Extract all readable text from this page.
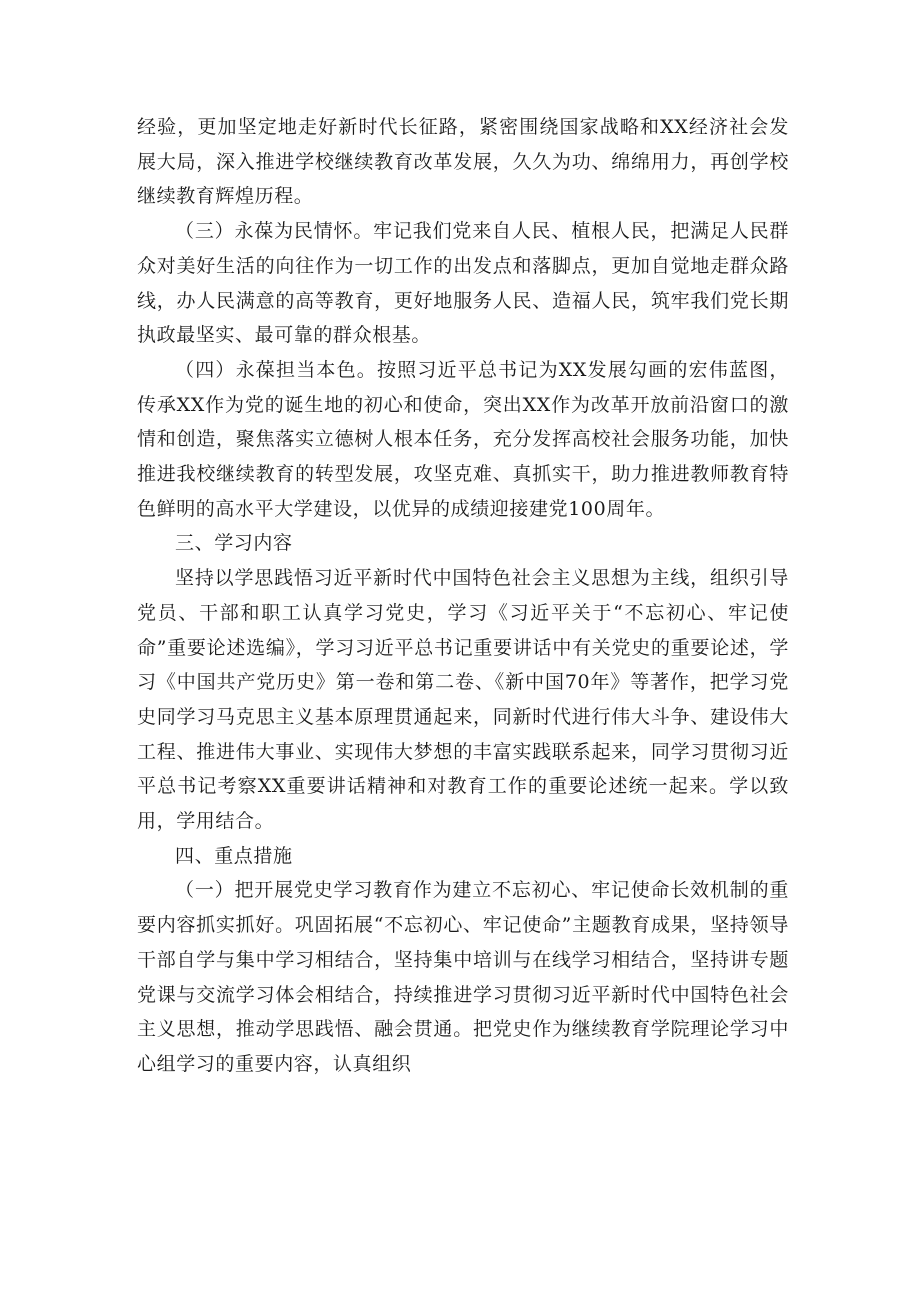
经验，更加坚定地走好新时代长征路，紧密围绕国家战略和XX经济社会发展大局，深入推进学校继续教育改革发展，久久为功、绵绵用力，再创学校继续教育辉煌历程。

（三）永葆为民情怀。牢记我们党来自人民、植根人民，把满足人民群众对美好生活的向往作为一切工作的出发点和落脚点，更加自觉地走群众路线，办人民满意的高等教育，更好地服务人民、造福人民，筑牢我们党长期执政最坚实、最可靠的群众根基。

（四）永葆担当本色。按照习近平总书记为XX发展勾画的宏伟蓝图，传承XX作为党的诞生地的初心和使命，突出XX作为改革开放前沿窗口的激情和创造，聚焦落实立德树人根本任务，充分发挥高校社会服务功能，加快推进我校继续教育的转型发展，攻坚克难、真抓实干，助力推进教师教育特色鲜明的高水平大学建设，以优异的成绩迎接建党100周年。

三、学习内容

坚持以学思践悟习近平新时代中国特色社会主义思想为主线，组织引导党员、干部和职工认真学习党史，学习《习近平关于“不忘初心、牢记使命”重要论述选编》，学习习近平总书记重要讲话中有关党史的重要论述，学习《中国共产党历史》第一卷和第二卷、《新中国70年》等著作，把学习党史同学习马克思主义基本原理贯通起来，同新时代进行伟大斗争、建设伟大工程、推进伟大事业、实现伟大梦想的丰富实践联系起来，同学习贯彻习近平总书记考察XX重要讲话精神和对教育工作的重要论述统一起来。学以致用，学用结合。

四、重点措施

（一）把开展党史学习教育作为建立不忘初心、牢记使命长效机制的重要内容抓实抓好。巩固拓展“不忘初心、牢记使命”主题教育成果，坚持领导干部自学与集中学习相结合，坚持集中培训与在线学习相结合，坚持讲专题党课与交流学习体会相结合，持续推进学习贯彻习近平新时代中国特色社会主义思想，推动学思践悟、融会贯通。把党史作为继续教育学院理论学习中心组学习的重要内容，认真组织
